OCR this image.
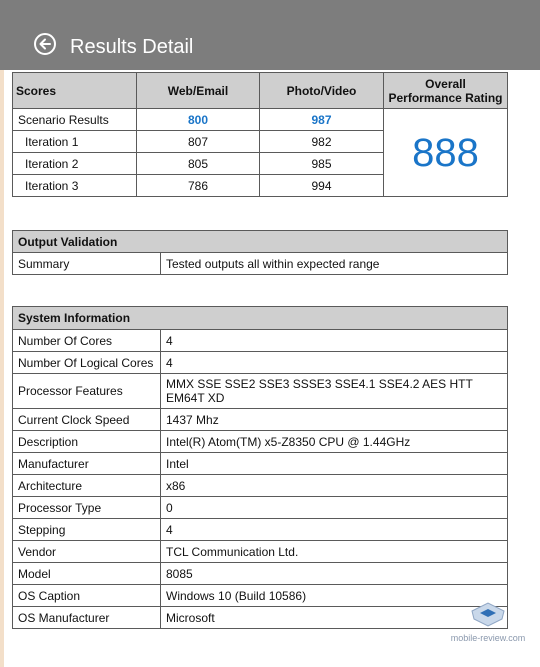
Results Detail
Scores	Web/Email	Photo/Video	Overall Performance Rating
Scenario Results	800	987	888
Iteration 1	807	982	
Iteration 2	805	985	
Iteration 3	786	994	
Output Validation
Summary	Tested outputs all within expected range
System Information	
Number Of Cores	4
Number Of Logical Cores	4
Processor Features	MMX SSE SSE2 SSE3 SSSE3 SSE4.1 SSE4.2 AES HTT EM64T XD
Current Clock Speed	1437 Mhz
Description	Intel(R) Atom(TM) x5-Z8350 CPU @ 1.44GHz
Manufacturer	Intel
Architecture	x86
Processor Type	0
Stepping	4
Vendor	TCL Communication Ltd.
Model	8085
OS Caption	Windows 10 (Build 10586)
OS Manufacturer	Microsoft
mobile-review.com
